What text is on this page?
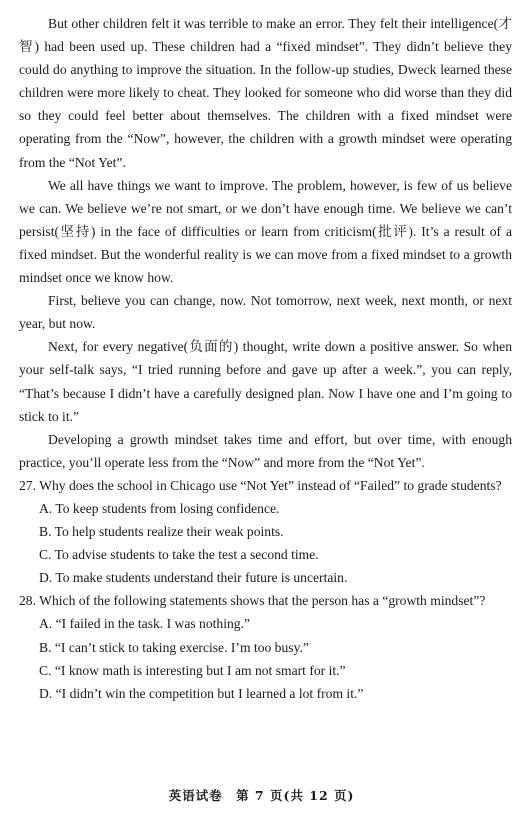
But other children felt it was terrible to make an error. They felt their intelligence(才智) had been used up. These children had a “fixed mindset”. They didn’t believe they could do anything to improve the situation. In the follow-up studies, Dweck learned these children were more likely to cheat. They looked for someone who did worse than they did so they could feel better about themselves. The children with a fixed mindset were operating from the “Now”, however, the children with a growth mindset were operating from the “Not Yet”.

We all have things we want to improve. The problem, however, is few of us believe we can. We believe we’re not smart, or we don’t have enough time. We believe we can’t persist(坚持) in the face of difficulties or learn from criticism(批评). It’s a result of a fixed mindset. But the wonderful reality is we can move from a fixed mindset to a growth mindset once we know how.

First, believe you can change, now. Not tomorrow, next week, next month, or next year, but now.

Next, for every negative(负面的) thought, write down a positive answer. So when your self-talk says, “I tried running before and gave up after a week.”, you can reply, “That’s because I didn’t have a carefully designed plan. Now I have one and I’m going to stick to it.”

Developing a growth mindset takes time and effort, but over time, with enough practice, you’ll operate less from the “Now” and more from the “Not Yet”.

27. Why does the school in Chicago use “Not Yet” instead of “Failed” to grade students?
A. To keep students from losing confidence.
B. To help students realize their weak points.
C. To advise students to take the test a second time.
D. To make students understand their future is uncertain.
28. Which of the following statements shows that the person has a “growth mindset”?
A. “I failed in the task. I was nothing.”
B. “I can’t stick to taking exercise. I’m too busy.”
C. “I know math is interesting but I am not smart for it.”
D. “I didn’t win the competition but I learned a lot from it.”
英语试卷　第 7 页(共 12 页)
